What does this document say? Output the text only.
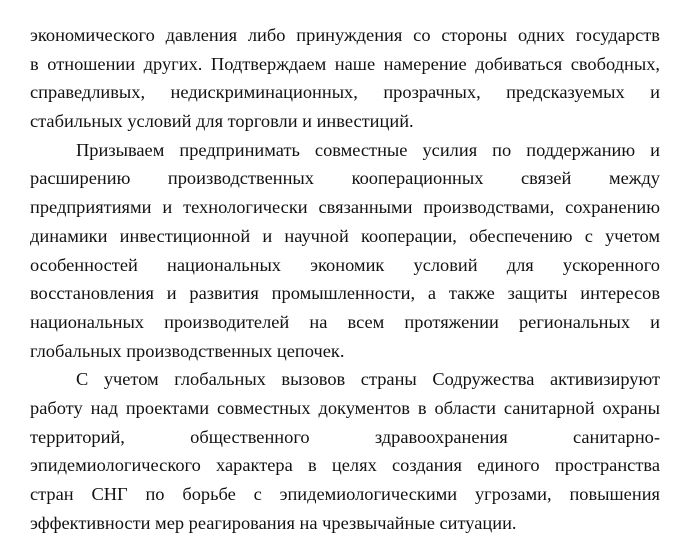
экономического давления либо принуждения со стороны одних государств
в отношении других. Подтверждаем наше намерение добиваться свободных,
справедливых, недискриминационных, прозрачных, предсказуемых и
стабильных условий для торговли и инвестиций.
Призываем предпринимать совместные усилия по поддержанию и
расширению производственных кооперационных связей между
предприятиями и технологически связанными производствами, сохранению
динамики инвестиционной и научной кооперации, обеспечению с учетом
особенностей национальных экономик условий для ускоренного
восстановления и развития промышленности, а также защиты интересов
национальных производителей на всем протяжении региональных и
глобальных производственных цепочек.
С учетом глобальных вызовов страны Содружества активизируют
работу над проектами совместных документов в области санитарной охраны
территорий, общественного здравоохранения санитарно-
эпидемиологического характера в целях создания единого пространства
стран СНГ по борьбе с эпидемиологическими угрозами, повышения
эффективности мер реагирования на чрезвычайные ситуации.
